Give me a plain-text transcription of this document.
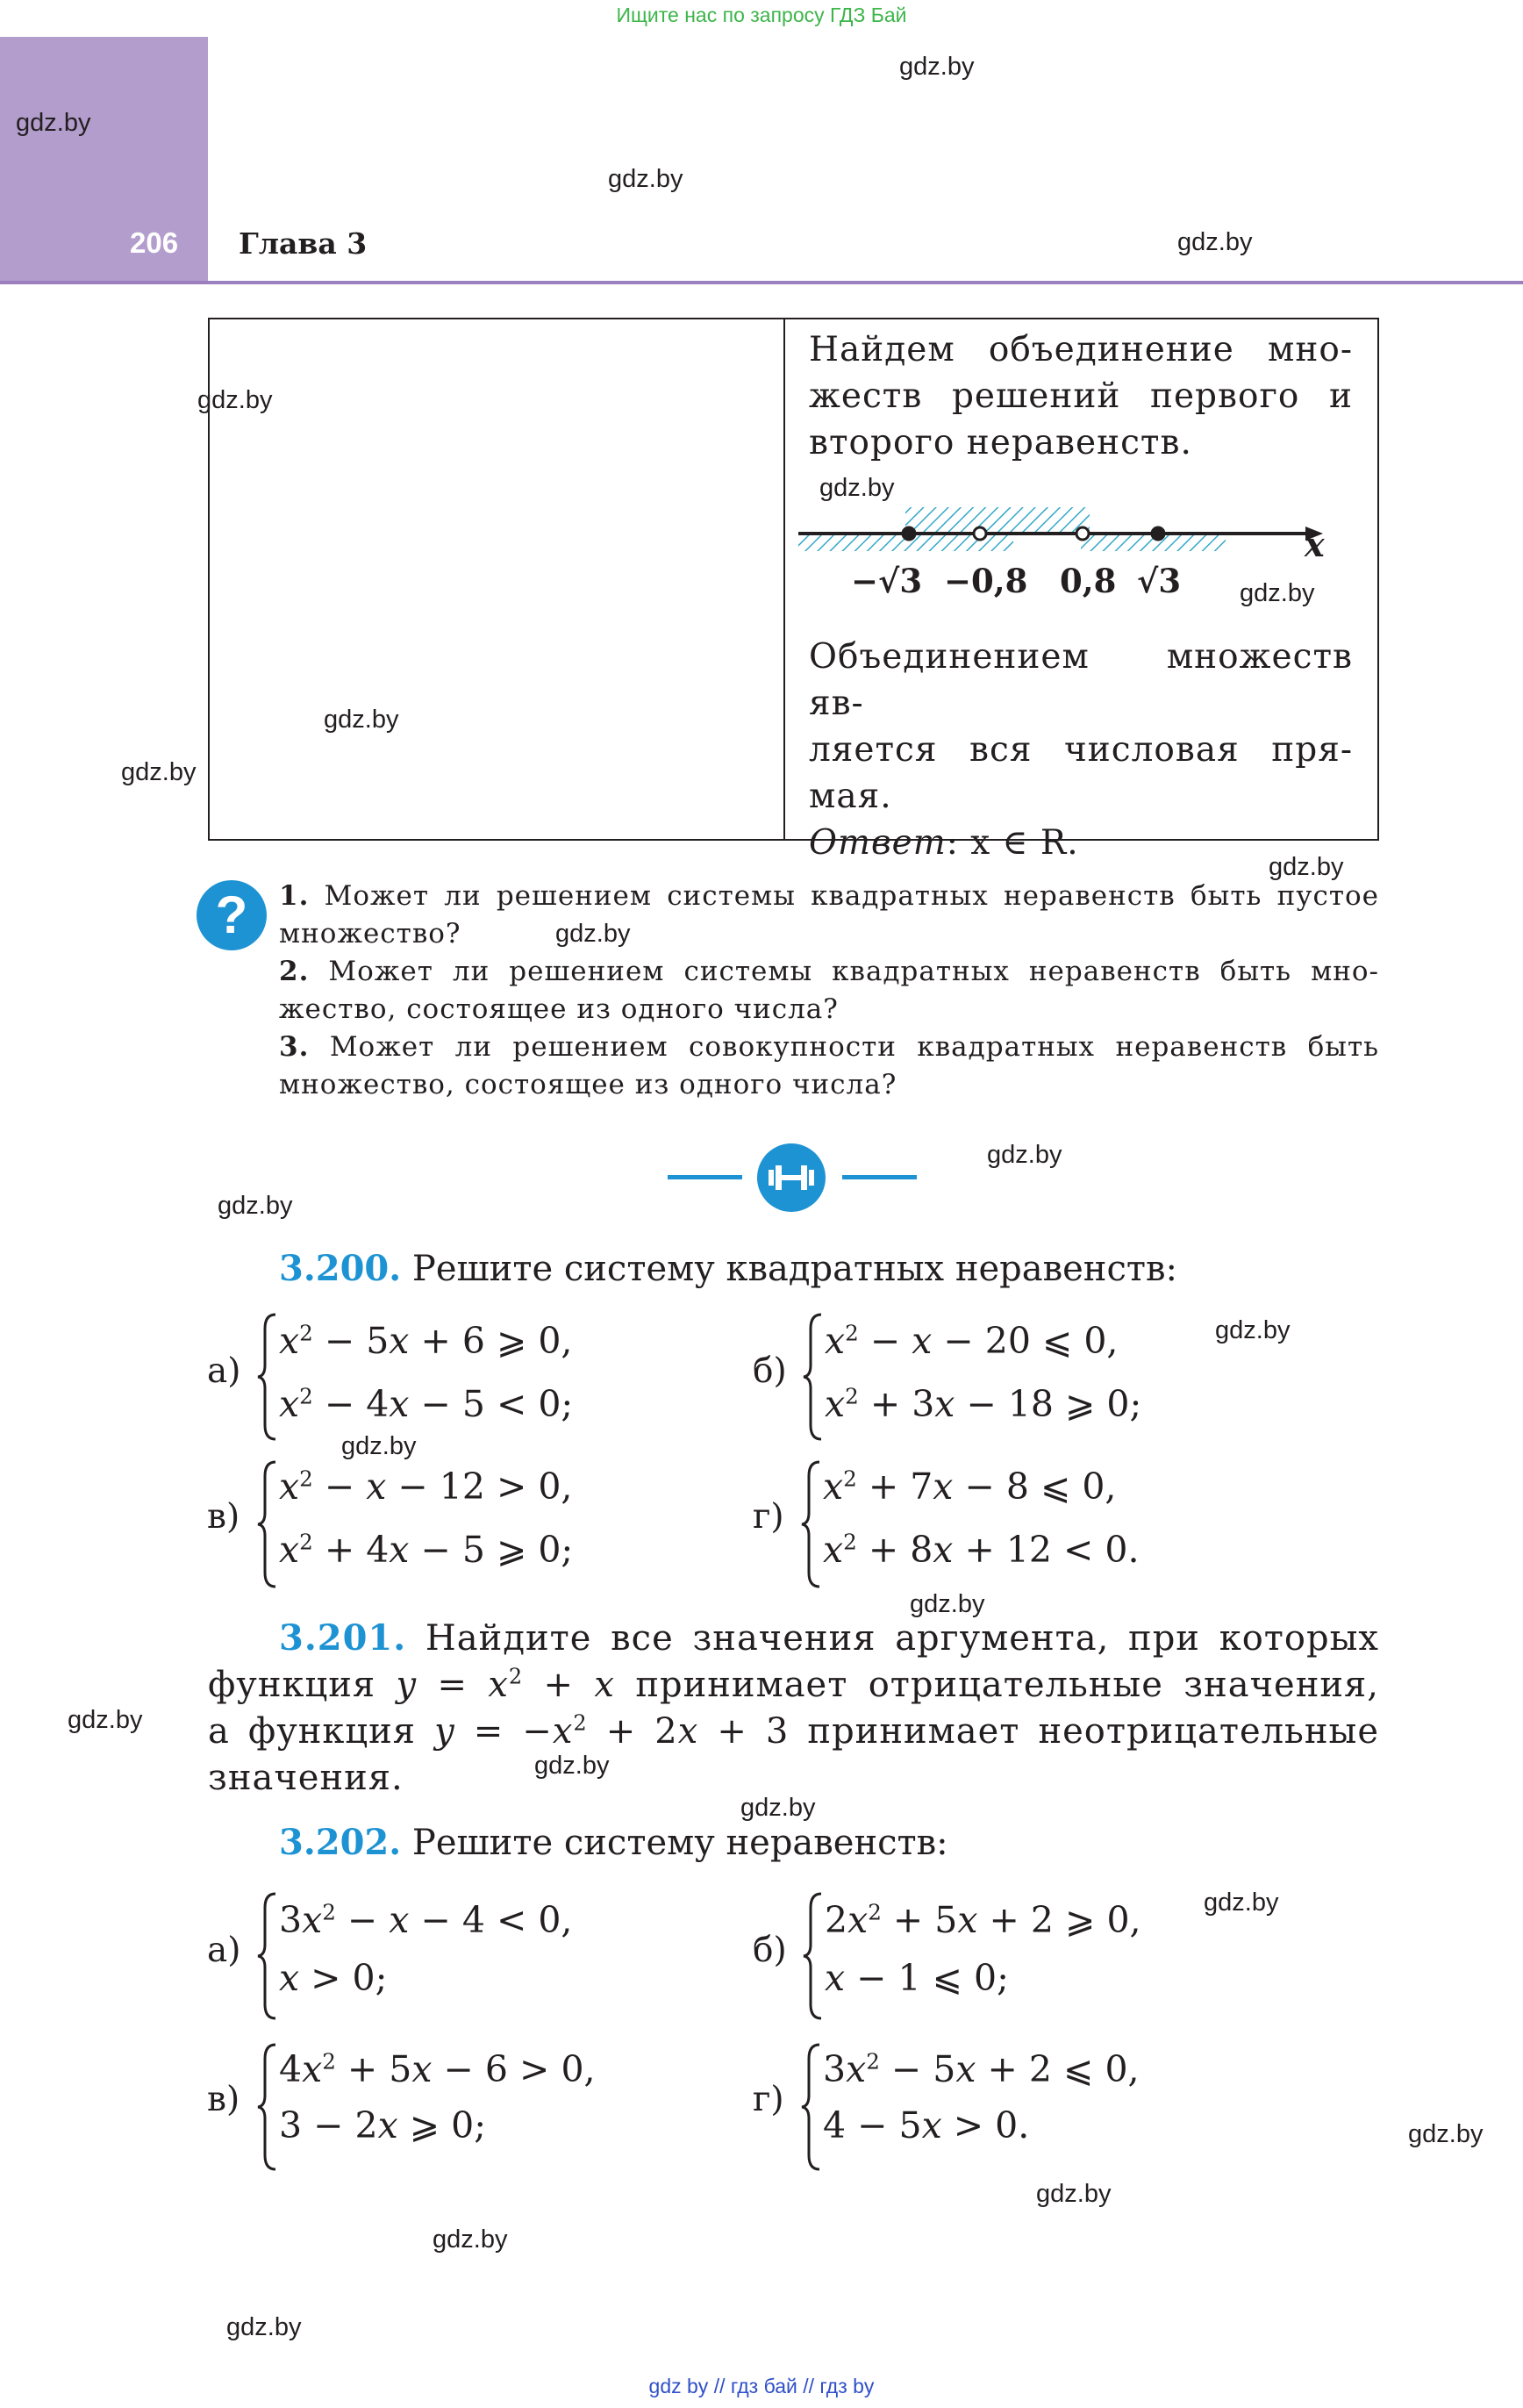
Ищите нас по запросу ГДЗ Бай
206 Глава 3
gdz.by
gdz.by
gdz.by
gdz.by
gdz.by
gdz.by
gdz.by
gdz.by
gdz.by
gdz.by
gdz.by
gdz.by
gdz.by
gdz.by
gdz.by
gdz.by
gdz.by
gdz.by
gdz.by
gdz.by
gdz.by
gdz.by
gdz.by
gdz.by
Найдем объединение мно-
жеств решений первого и
второго неравенств.
x
−√3 −0,8 0,8 √3
Объединением множеств яв-
ляется вся числовая пря-
мая.
Ответ: x ∈ R.
?	1. Может ли решением системы квадратных неравенств быть пустое
множество?
2. Может ли решением системы квадратных неравенств быть мно-
жество, состоящее из одного числа?
3. Может ли решением совокупности квадратных неравенств быть
множество, состоящее из одного числа?
3.200. Решите систему квадратных неравенств:
а)
$x^2 - 5x + 6$ ⩾ 0,
$x^2 - 4x - 5 < 0$;
б)
$x^2 - x - 20$ ⩽ 0,
$x^2 + 3x - 18$ ⩾ 0;
в)
$x^2 - x - 12 > 0$,
$x^2 + 4x - 5$ ⩾ 0;
г)
$x^2 + 7x - 8$ ⩽ 0,
$x^2 + 8x + 12 < 0$.
3.201. Найдите все значения аргумента, при которых
функция $y = x^2 + x$ принимает отрицательные значения,
а функция $y = -x^2 + 2x + 3$ принимает неотрицательные
значения.
3.202. Решите систему неравенств:
а)
$3x^2 - x - 4 < 0$,
x > 0;
б)
$2x^2 + 5x + 2$ ⩾ 0,
x − 1 ⩽ 0;
в)
$4x^2 + 5x - 6 > 0$,
3 − 2x ⩾ 0;
г)
$3x^2 - 5x + 2$ ⩽ 0,
4 − 5x > 0.
gdz by // гдз бай // гдз by
